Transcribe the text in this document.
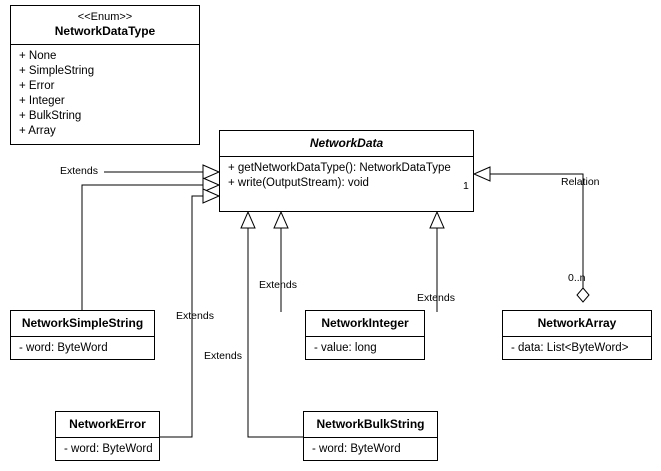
<<Enum>>
NetworkDataType
+ None
+ SimpleString
+ Error
+ Integer
+ BulkString
+ Array
NetworkData
+ getNetworkDataType(): NetworkDataType
+ write(OutputStream): void
NetworkSimpleString
- word: ByteWord
NetworkInteger
- value: long
NetworkArray
- data: List<ByteWord>
NetworkError
- word: ByteWord
NetworkBulkString
- word: ByteWord
Extends
Relation
Extends
Extends
Extends
Extends
1
0..n
